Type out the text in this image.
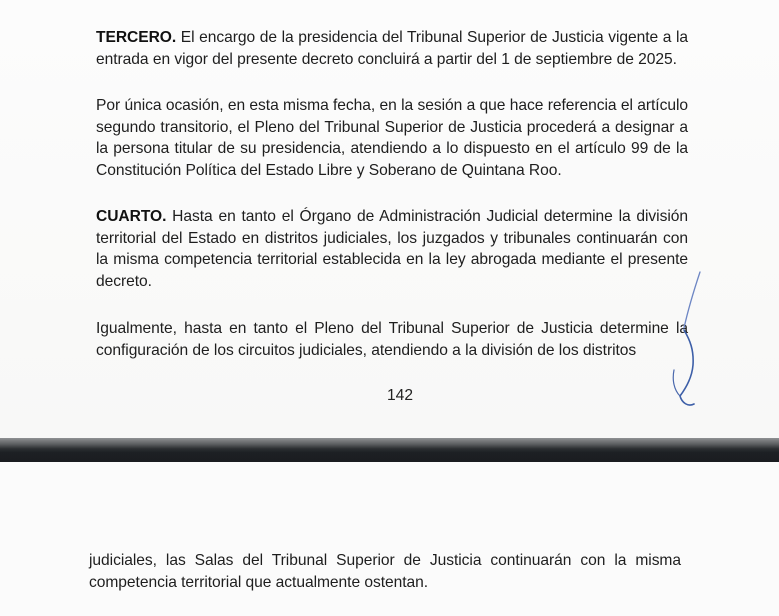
TERCERO. El encargo de la presidencia del Tribunal Superior de Justicia vigente a la entrada en vigor del presente decreto concluirá a partir del 1 de septiembre de 2025.

Por única ocasión, en esta misma fecha, en la sesión a que hace referencia el artículo segundo transitorio, el Pleno del Tribunal Superior de Justicia procederá a designar a la persona titular de su presidencia, atendiendo a lo dispuesto en el artículo 99 de la Constitución Política del Estado Libre y Soberano de Quintana Roo.

CUARTO. Hasta en tanto el Órgano de Administración Judicial determine la división territorial del Estado en distritos judiciales, los juzgados y tribunales continuarán con la misma competencia territorial establecida en la ley abrogada mediante el presente decreto.

Igualmente, hasta en tanto el Pleno del Tribunal Superior de Justicia determine la configuración de los circuitos judiciales, atendiendo a la división de los distritos

142

judiciales, las Salas del Tribunal Superior de Justicia continuarán con la misma competencia territorial que actualmente ostentan.
